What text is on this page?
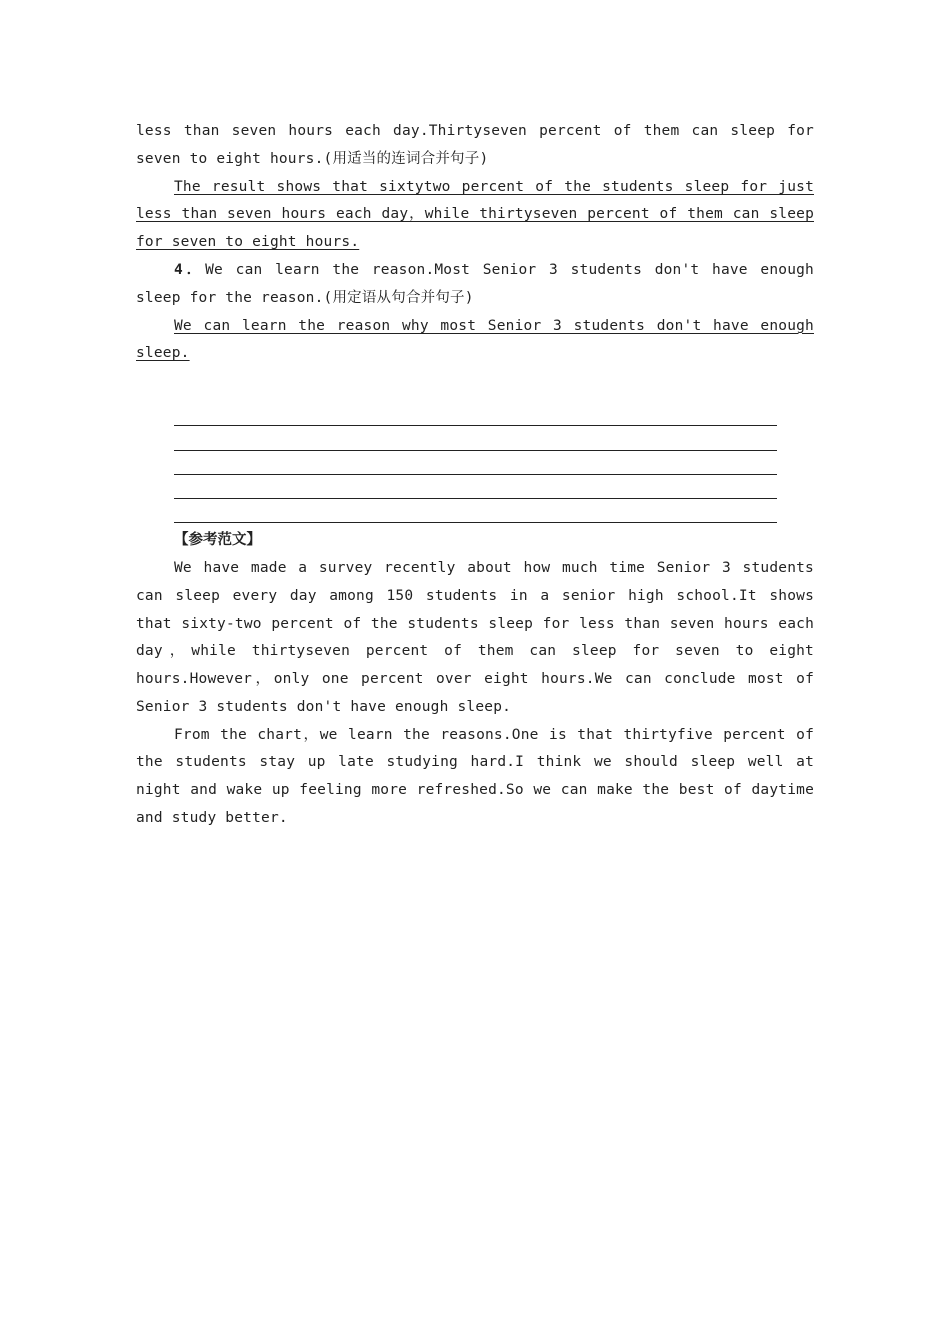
less than seven hours each day.Thirtyseven percent of them can sleep for seven to eight hours.(用适当的连词合并句子)

The result shows that sixtytwo percent of the students sleep for just less than seven hours each day，while thirtyseven percent of them can sleep for seven to eight hours.

4．We can learn the reason.Most Senior 3 students don't have enough sleep for the reason.(用定语从句合并句子)

We can learn the reason why most Senior 3 students don't have enough sleep.

【参考范文】

We have made a survey recently about how much time Senior 3 students can sleep every day among 150 students in a senior high school.It shows that sixty-two percent of the students sleep for less than seven hours each day，while thirtyseven percent of them can sleep for seven to eight hours.However，only one percent over eight hours.We can conclude most of Senior 3 students don't have enough sleep.

From the chart，we learn the reasons.One is that thirtyfive percent of the students stay up late studying hard.I think we should sleep well at night and wake up feeling more refreshed.So we can make the best of daytime and study better.
